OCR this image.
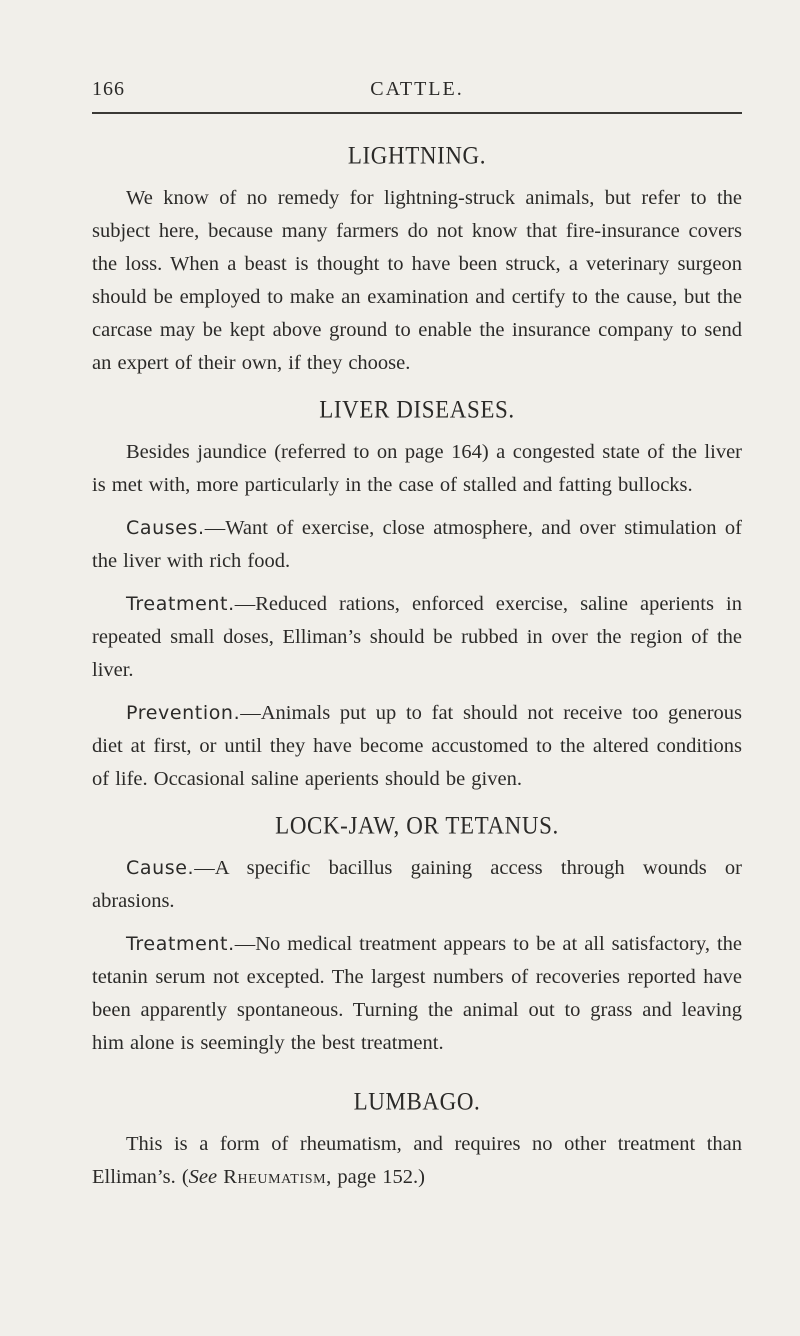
166	CATTLE.
LIGHTNING.

We know of no remedy for lightning-struck animals, but refer to the subject here, because many farmers do not know that fire-insurance covers the loss. When a beast is thought to have been struck, a veterinary surgeon should be employed to make an examination and certify to the cause, but the carcase may be kept above ground to enable the insurance company to send an expert of their own, if they choose.

LIVER DISEASES.

Besides jaundice (referred to on page 164) a congested state of the liver is met with, more particularly in the case of stalled and fatting bullocks.

Causes.—Want of exercise, close atmosphere, and over stimulation of the liver with rich food.

Treatment.—Reduced rations, enforced exercise, saline aperients in repeated small doses, Elliman’s should be rubbed in over the region of the liver.

Prevention.—Animals put up to fat should not receive too generous diet at first, or until they have become accustomed to the altered conditions of life. Occasional saline aperients should be given.

LOCK-JAW, OR TETANUS.

Cause.—A specific bacillus gaining access through wounds or abrasions.

Treatment.—No medical treatment appears to be at all satisfactory, the tetanin serum not excepted. The largest numbers of recoveries reported have been apparently spontaneous. Turning the animal out to grass and leaving him alone is seemingly the best treatment.

LUMBAGO.

This is a form of rheumatism, and requires no other treatment than Elliman’s. (See Rheumatism, page 152.)
